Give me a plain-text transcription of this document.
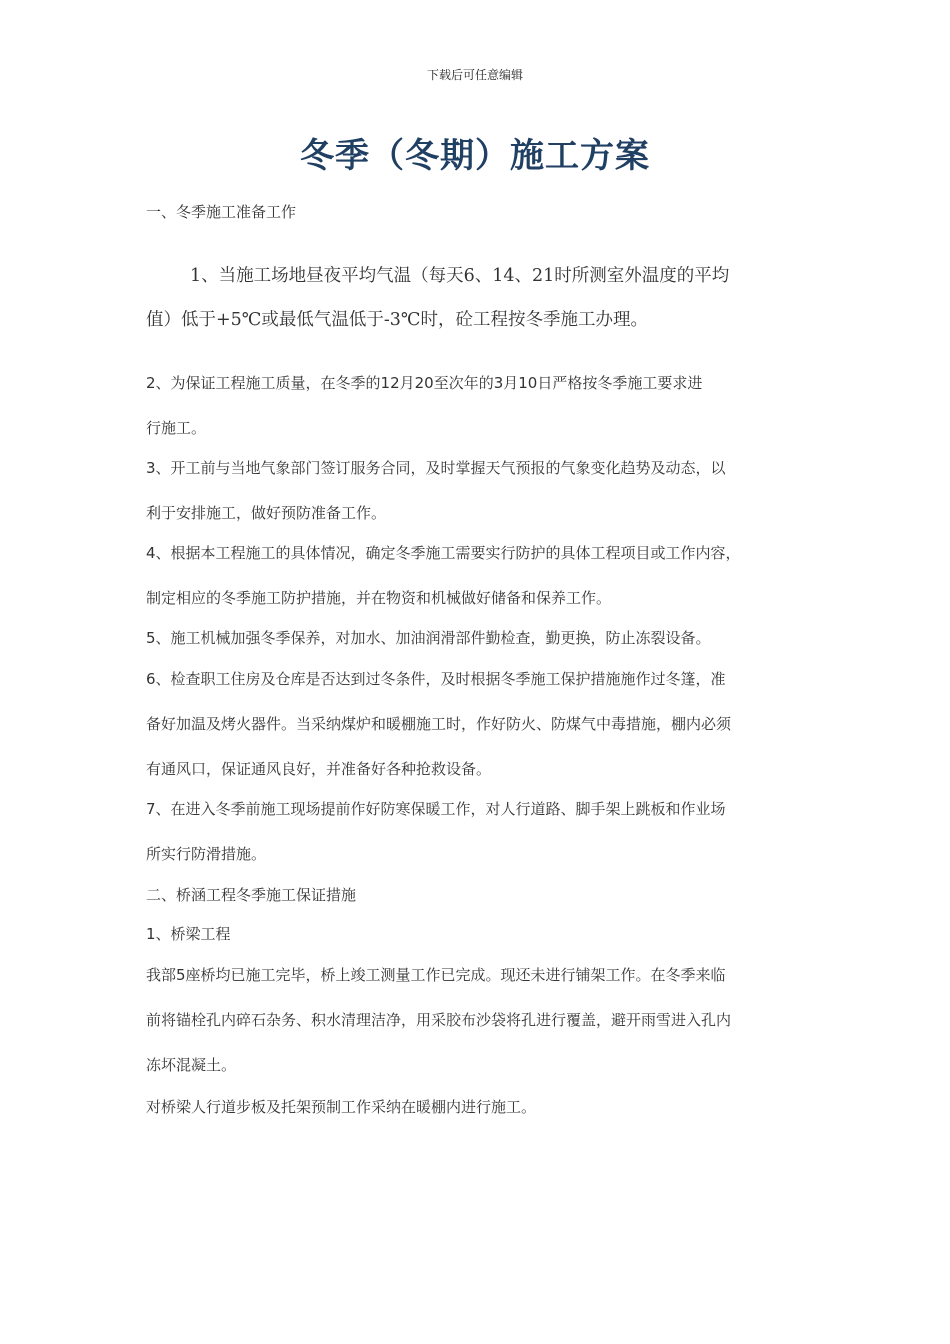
下载后可任意编辑
冬季（冬期）施工方案
一、冬季施工准备工作
1、当施工场地昼夜平均气温（每天6、14、21时所测室外温度的平均
值）低于+5℃或最低气温低于-3℃时，砼工程按冬季施工办理。
2、为保证工程施工质量，在冬季的12月20至次年的3月10日严格按冬季施工要求进
行施工。
3、开工前与当地气象部门签订服务合同，及时掌握天气预报的气象变化趋势及动态，以
利于安排施工，做好预防准备工作。
4、根据本工程施工的具体情况，确定冬季施工需要实行防护的具体工程项目或工作内容，
制定相应的冬季施工防护措施，并在物资和机械做好储备和保养工作。
5、施工机械加强冬季保养，对加水、加油润滑部件勤检查，勤更换，防止冻裂设备。
6、检查职工住房及仓库是否达到过冬条件，及时根据冬季施工保护措施施作过冬篷，准
备好加温及烤火器件。当采纳煤炉和暖棚施工时，作好防火、防煤气中毒措施，棚内必须
有通风口，保证通风良好，并准备好各种抢救设备。
7、在进入冬季前施工现场提前作好防寒保暖工作，对人行道路、脚手架上跳板和作业场
所实行防滑措施。
二、桥涵工程冬季施工保证措施
1、桥梁工程
我部5座桥均已施工完毕，桥上竣工测量工作已完成。现还未进行铺架工作。在冬季来临
前将锚栓孔内碎石杂务、积水清理洁净，用采胶布沙袋将孔进行覆盖，避开雨雪进入孔内
冻坏混凝土。
对桥梁人行道步板及托架预制工作采纳在暖棚内进行施工。
